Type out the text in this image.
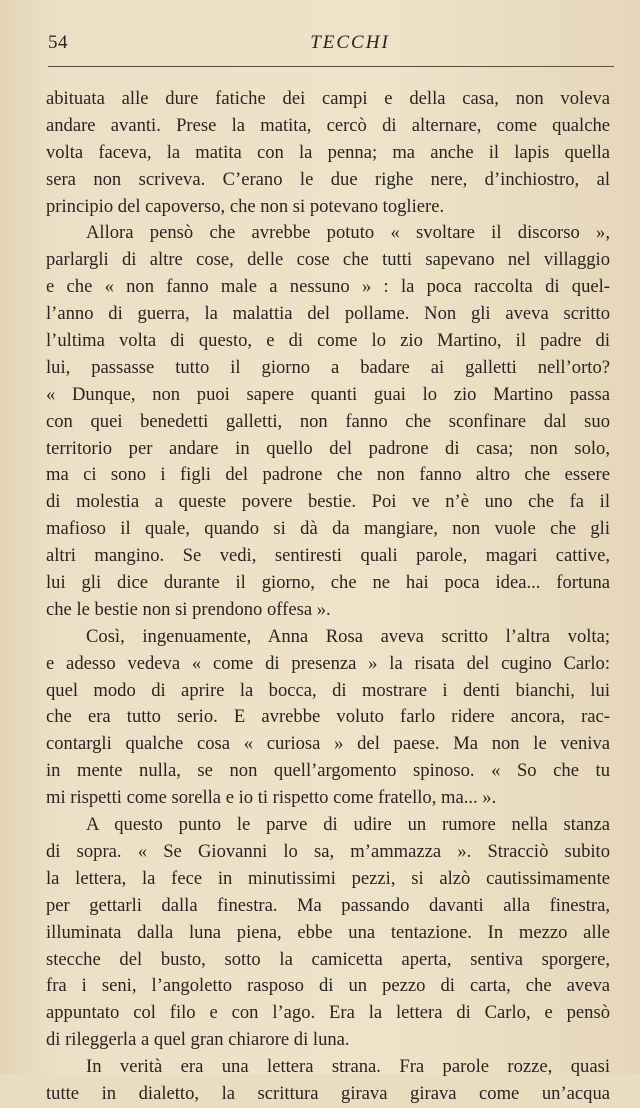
54	TECCHI
abituata alle dure fatiche dei campi e della casa, non voleva
andare avanti. Prese la matita, cercò di alternare, come qualche
volta faceva, la matita con la penna; ma anche il lapis quella
sera non scriveva. C’erano le due righe nere, d’inchiostro, al
principio del capoverso, che non si potevano togliere.
Allora pensò che avrebbe potuto « svoltare il discorso »,
parlargli di altre cose, delle cose che tutti sapevano nel villaggio
e che « non fanno male a nessuno » : la poca raccolta di quel-
l’anno di guerra, la malattia del pollame. Non gli aveva scritto
l’ultima volta di questo, e di come lo zio Martino, il padre di
lui, passasse tutto il giorno a badare ai galletti nell’orto?
« Dunque, non puoi sapere quanti guai lo zio Martino passa
con quei benedetti galletti, non fanno che sconfinare dal suo
territorio per andare in quello del padrone di casa; non solo,
ma ci sono i figli del padrone che non fanno altro che essere
di molestia a queste povere bestie. Poi ve n’è uno che fa il
mafioso il quale, quando si dà da mangiare, non vuole che gli
altri mangino. Se vedi, sentiresti quali parole, magari cattive,
lui gli dice durante il giorno, che ne hai poca idea... fortuna
che le bestie non si prendono offesa ».
Così, ingenuamente, Anna Rosa aveva scritto l’altra volta;
e adesso vedeva « come di presenza » la risata del cugino Carlo:
quel modo di aprire la bocca, di mostrare i denti bianchi, lui
che era tutto serio. E avrebbe voluto farlo ridere ancora, rac-
contargli qualche cosa « curiosa » del paese. Ma non le veniva
in mente nulla, se non quell’argomento spinoso. « So che tu
mi rispetti come sorella e io ti rispetto come fratello, ma... ».
A questo punto le parve di udire un rumore nella stanza
di sopra. « Se Giovanni lo sa, m’ammazza ». Stracciò subito
la lettera, la fece in minutissimi pezzi, si alzò cautissimamente
per gettarli dalla finestra. Ma passando davanti alla finestra,
illuminata dalla luna piena, ebbe una tentazione. In mezzo alle
stecche del busto, sotto la camicetta aperta, sentiva sporgere,
fra i seni, l’angoletto rasposo di un pezzo di carta, che aveva
appuntato col filo e con l’ago. Era la lettera di Carlo, e pensò
di rileggerla a quel gran chiarore di luna.
In verità era una lettera strana. Fra parole rozze, quasi
tutte in dialetto, la scrittura girava girava come un’acqua
